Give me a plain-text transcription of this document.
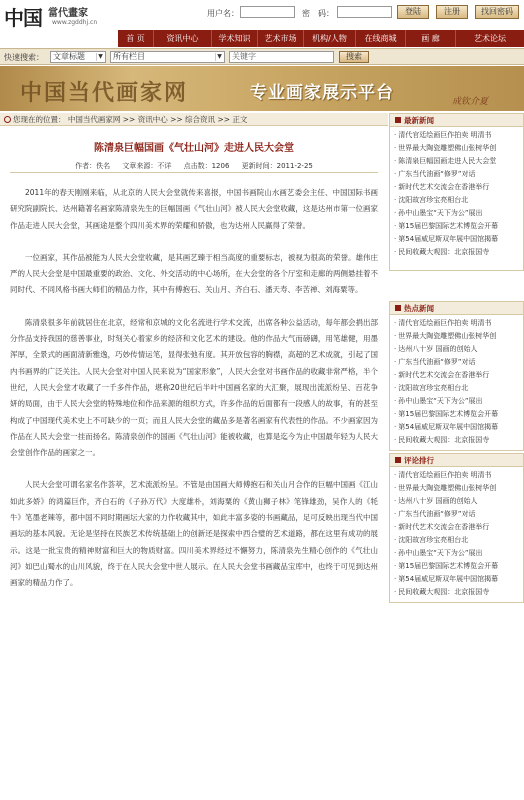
中国 當代畫家
www.zgddhj.cn
用户名：	密　码：	登陆	注册	找回密码
首 页	资讯中心	学术知识	艺术市场	机构/人物	在线商城	画 廊	艺术论坛
快速搜索：	文章标题	▼	所有栏目	▼	关键字	搜索
中国当代画家网	专业画家展示平台	成钦介夏
您现在的位置： 中国当代画家网 >> 资讯中心 >> 综合资讯 >> 正文
陈清泉巨幅国画《气壮山河》走进人民大会堂
作者：佚名 文章来源：不详 点击数：1206 更新时间：2011-2-25

2011年的春天刚刚来临，从北京的人民大会堂就传来喜报，中国书画院山水画艺委会主任、中国国际书画研究院副院长、达州籍著名画家陈清泉先生的巨幅国画《气壮山河》被人民大会堂收藏，这是达州市第一位画家作品走进人民大会堂，其画途是整个四川美术界的荣耀和骄傲，也为达州人民赢得了荣誉。

一位画家，其作品被能为人民大会堂收藏，是其画艺臻于相当高度的重要标志，被视为很高的荣誉。雄伟庄严的人民大会堂是中国最重要的政治、文化、外交活动的中心场所，在大会堂的各个厅室和走廊的两侧悬挂着不同时代、不同风格书画大师们的精品力作，其中有傅抱石、关山月、齐白石、潘天寿、李苦禅、刘海粟等。

陈清泉很多年前就居住在北京，经常和京城的文化名流进行学术交流，出席各种公益活动，每年都会捐出部分作品支持我国的慈善事业，时刻关心着家乡的经济和文化艺术的建设。他的作品大气而磅礴，用笔雄健，用墨浑厚，全景式的画面清新雅逸，巧妙传情运笔，显得张弛有度。其开放包容的胸襟，高超的艺术成就，引起了国内书画界的广泛关注。人民大会堂对中国人民来说为“国家形象”，人民大会堂对书画作品的收藏非常严格，半个世纪，人民大会堂才收藏了一千多件作品，堪称20世纪后半叶中国画名家的大汇聚，展现出流派纷呈、百花争妍的局面，由于人民大会堂的特殊地位和作品来源的组织方式，许多作品的后面都有一段感人的故事，有的甚至构成了中国现代美术史上不可缺少的一页；而且人民大会堂的藏品多是著名画家有代表性的作品。不少画家因为作品在人民大会堂一挂而扬名。陈清泉创作的国画《气壮山河》能被收藏，也算是迄今为止中国最年轻为人民大会堂创作作品的画家之一。

人民大会堂可谓名家名作荟萃，艺术流派纷呈。不管是由国画大师傅抱石和关山月合作的巨幅中国画《江山如此多娇》的鸿篇巨作，齐白石的《子孙万代》大度雄朴，刘海粟的《黄山狮子林》笔锋雄劲，吴作人的《牦牛》笔墨老辣等，都中国不同时期画坛大家的力作收藏其中，如此丰富多姿的书画藏品，足可反映出现当代中国画坛的基本风貌。无论是坚持在民族艺术传统基础上的创新还是探索中西合璧的艺术道路，都在这里有成功的展示。这是一批宝贵的精神财富和巨大的物质财富。四川美术界经过不懈努力，陈清泉先生精心创作的《气壮山河》如巴山蜀水的山川风貌，终于在人民大会堂中世人展示。在人民大会堂书画藏品宝库中，也终于可见到达州画家的精品力作了。

最新新闻
· 清代官廷绘画巨作拍卖 明清书
· 世界最大陶瓷雕塑佛山张树华创
· 陈清泉巨幅国画走进人民大会堂
· 广东当代油画“修罗”对话
· 新时代艺术交流会在香港举行
· 沈阳故宫珍宝亮相台北
· 孙中山墨宝“天下为公”展出
· 第15届巴黎国际艺术博览会开幕
· 第54届威尼斯双年展中国馆揭幕
· 民间收藏大观园：北京报国寺
热点新闻
· 清代官廷绘画巨作拍卖 明清书
· 世界最大陶瓷雕塑佛山张树华创
· 达州八十岁 国画的创始人
· 广东当代油画“修罗”对话
· 新时代艺术交流会在香港举行
· 沈阳故宫珍宝亮相台北
· 孙中山墨宝“天下为公”展出
· 第15届巴黎国际艺术博览会开幕
· 第54届威尼斯双年展中国馆揭幕
· 民间收藏大观园：北京报国寺
评论排行
· 清代官廷绘画巨作拍卖 明清书
· 世界最大陶瓷雕塑佛山张树华创
· 达州八十岁 国画的创始人
· 广东当代油画“修罗”对话
· 新时代艺术交流会在香港举行
· 沈阳故宫珍宝亮相台北
· 孙中山墨宝“天下为公”展出
· 第15届巴黎国际艺术博览会开幕
· 第54届威尼斯双年展中国馆揭幕
· 民间收藏大观园：北京报国寺
